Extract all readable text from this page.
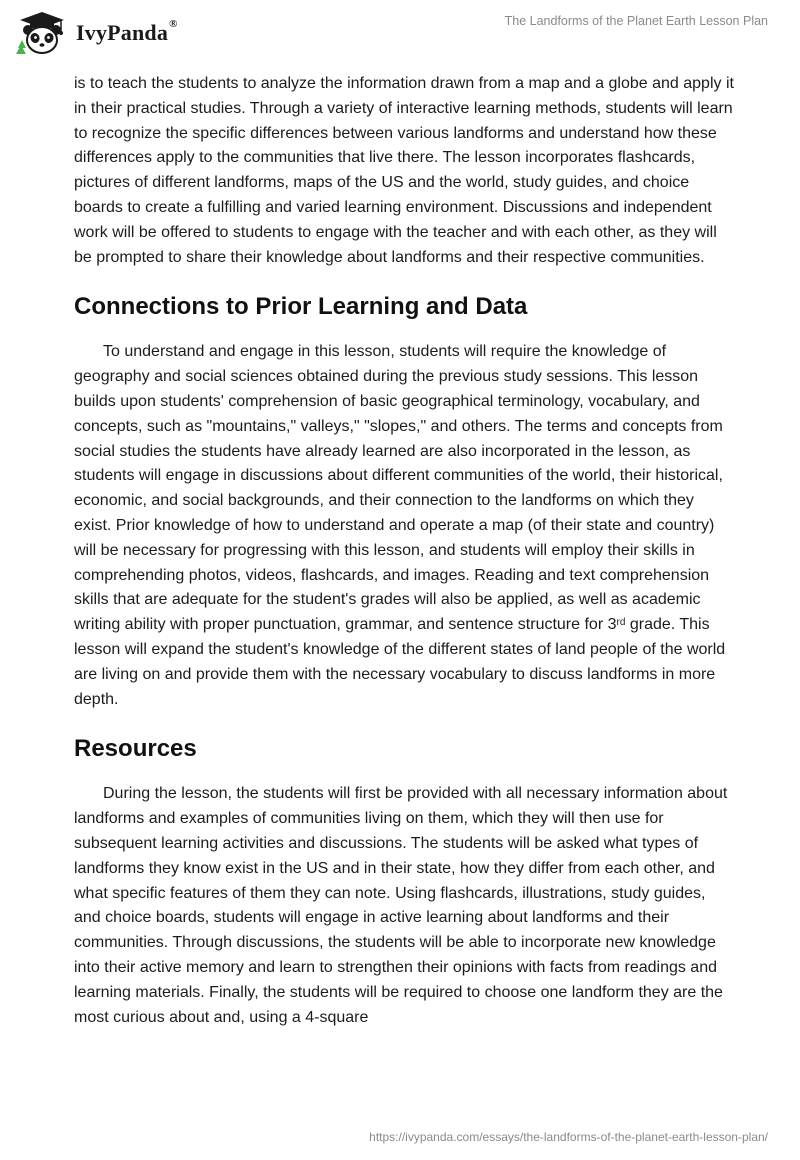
IvyPanda®	The Landforms of the Planet Earth Lesson Plan

is to teach the students to analyze the information drawn from a map and a globe and apply it in their practical studies. Through a variety of interactive learning methods, students will learn to recognize the specific differences between various landforms and understand how these differences apply to the communities that live there. The lesson incorporates flashcards, pictures of different landforms, maps of the US and the world, study guides, and choice boards to create a fulfilling and varied learning environment. Discussions and independent work will be offered to students to engage with the teacher and with each other, as they will be prompted to share their knowledge about landforms and their respective communities.

Connections to Prior Learning and Data

To understand and engage in this lesson, students will require the knowledge of geography and social sciences obtained during the previous study sessions. This lesson builds upon students' comprehension of basic geographical terminology, vocabulary, and concepts, such as "mountains," valleys," "slopes," and others. The terms and concepts from social studies the students have already learned are also incorporated in the lesson, as students will engage in discussions about different communities of the world, their historical, economic, and social backgrounds, and their connection to the landforms on which they exist. Prior knowledge of how to understand and operate a map (of their state and country) will be necessary for progressing with this lesson, and students will employ their skills in comprehending photos, videos, flashcards, and images. Reading and text comprehension skills that are adequate for the student's grades will also be applied, as well as academic writing ability with proper punctuation, grammar, and sentence structure for 3rd grade. This lesson will expand the student's knowledge of the different states of land people of the world are living on and provide them with the necessary vocabulary to discuss landforms in more depth.

Resources

During the lesson, the students will first be provided with all necessary information about landforms and examples of communities living on them, which they will then use for subsequent learning activities and discussions. The students will be asked what types of landforms they know exist in the US and in their state, how they differ from each other, and what specific features of them they can note. Using flashcards, illustrations, study guides, and choice boards, students will engage in active learning about landforms and their communities. Through discussions, the students will be able to incorporate new knowledge into their active memory and learn to strengthen their opinions with facts from readings and learning materials. Finally, the students will be required to choose one landform they are the most curious about and, using a 4-square

https://ivypanda.com/essays/the-landforms-of-the-planet-earth-lesson-plan/
